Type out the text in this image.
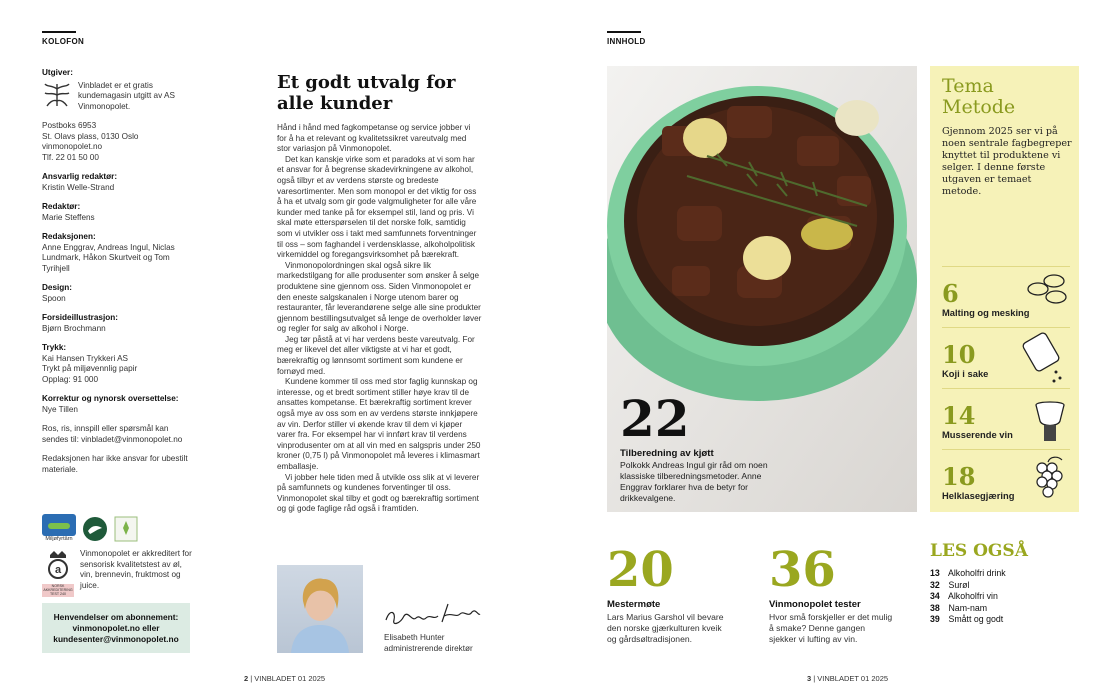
KOLOFON
Utgiver:
Vinbladet er et gratis kundemagasin utgitt av AS Vinmonopolet.
Postboks 6953
St. Olavs plass, 0130 Oslo
vinmonopolet.no
Tlf. 22 01 50 00
Ansvarlig redaktør:
Kristin Welle-Strand
Redaktør:
Marie Steffens
Redaksjonen:
Anne Enggrav, Andreas Ingul, Niclas Lundmark, Håkon Skurtveit og Tom Tyrihjell
Design:
Spoon
Forsideillustrasjon:
Bjørn Brochmann
Trykk:
Kai Hansen Trykkeri AS
Trykt på miljøvennlig papir
Opplag: 91 000
Korrektur og nynorsk oversettelse:
Nye Tillen
Ros, ris, innspill eller spørsmål kan sendes til: vinbladet@vinmonopolet.no
Redaksjonen har ikke ansvar for ubestilt materiale.
Miljøfyrtårn
a
NORSK AKKREDITERING TEST 240
Vinmonopolet er akkreditert for sensorisk kvalitetstest av øl, vin, brennevin, fruktmost og juice.
Henvendelser om abonnement: vinmonopolet.no eller kundesenter@vinmonopolet.no
Et godt utvalg for alle kunder

Hånd i hånd med fagkompetanse og service jobber vi for å ha et relevant og kvalitetssikret vareutvalg med stor variasjon på Vinmonopolet.

Det kan kanskje virke som et paradoks at vi som har et ansvar for å begrense skadevirkningene av alkohol, også tilbyr et av verdens største og bredeste varesortimenter. Men som monopol er det viktig for oss å ha et utvalg som gir gode valgmuligheter for alle våre kunder med tanke på for eksempel stil, land og pris. Vi skal møte etterspørselen til det norske folk, samtidig som vi utvikler oss i takt med samfunnets forventninger til oss – som faghandel i verdensklasse, alkoholpolitisk virkemiddel og foregangsvirksomhet på bærekraft.

Vinmonopolordningen skal også sikre lik markedstilgang for alle produsenter som ønsker å selge produktene sine gjennom oss. Siden Vinmonopolet er den eneste salgskanalen i Norge utenom barer og restauranter, får leverandørene selge alle sine produkter gjennom bestillingsutvalget så lenge de overholder løver og regler for salg av alkohol i Norge.

Jeg tør påstå at vi har verdens beste vareutvalg. For meg er likevel det aller viktigste at vi har et godt, bærekraftig og lønnsomt sortiment som kundene er fornøyd med.

Kundene kommer til oss med stor faglig kunnskap og interesse, og et bredt sortiment stiller høye krav til de ansattes kompetanse. Et bærekraftig sortiment krever også mye av oss som en av verdens største innkjøpere av vin. Derfor stiller vi økende krav til dem vi kjøper varer fra. For eksempel har vi innført krav til verdens vinprodusenter om at all vin med en salgspris under 250 kroner (0,75 l) på Vinmonopolet må leveres i klimasmart emballasje.

Vi jobber hele tiden med å utvikle oss slik at vi leverer på samfunnets og kundenes forventinger til oss. Vinmonopolet skal tilby et godt og bærekraftig sortiment og gi gode faglige råd også i framtiden.

Elisabeth Hunter
administrerende direktør
2 | VINBLADET 01 2025
INNHOLD
22
Tilberedning av kjøtt
Polkokk Andreas Ingul gir råd om noen klassiske tilberedningsmetoder. Anne Enggrav forklarer hva de betyr for drikkevalgene.
Tema
Metode
Gjennom 2025 ser vi på noen sentrale fagbegreper knyttet til produktene vi selger. I denne første utgaven er temaet metode.
6
Malting og mesking
10
Koji i sake
14
Musserende vin
18
Helklasegjæring
20
Mestermøte
Lars Marius Garshol vil bevare den norske gjærkulturen kveik og gårdsøltradisjonen.
36
Vinmonopolet tester
Hvor små forskjeller er det mulig å smake? Denne gangen sjekker vi lufting av vin.
LES OGSÅ
13 Alkoholfri drink
32 Surøl
34 Alkoholfri vin
38 Nam-nam
39 Smått og godt
3 | VINBLADET 01 2025
